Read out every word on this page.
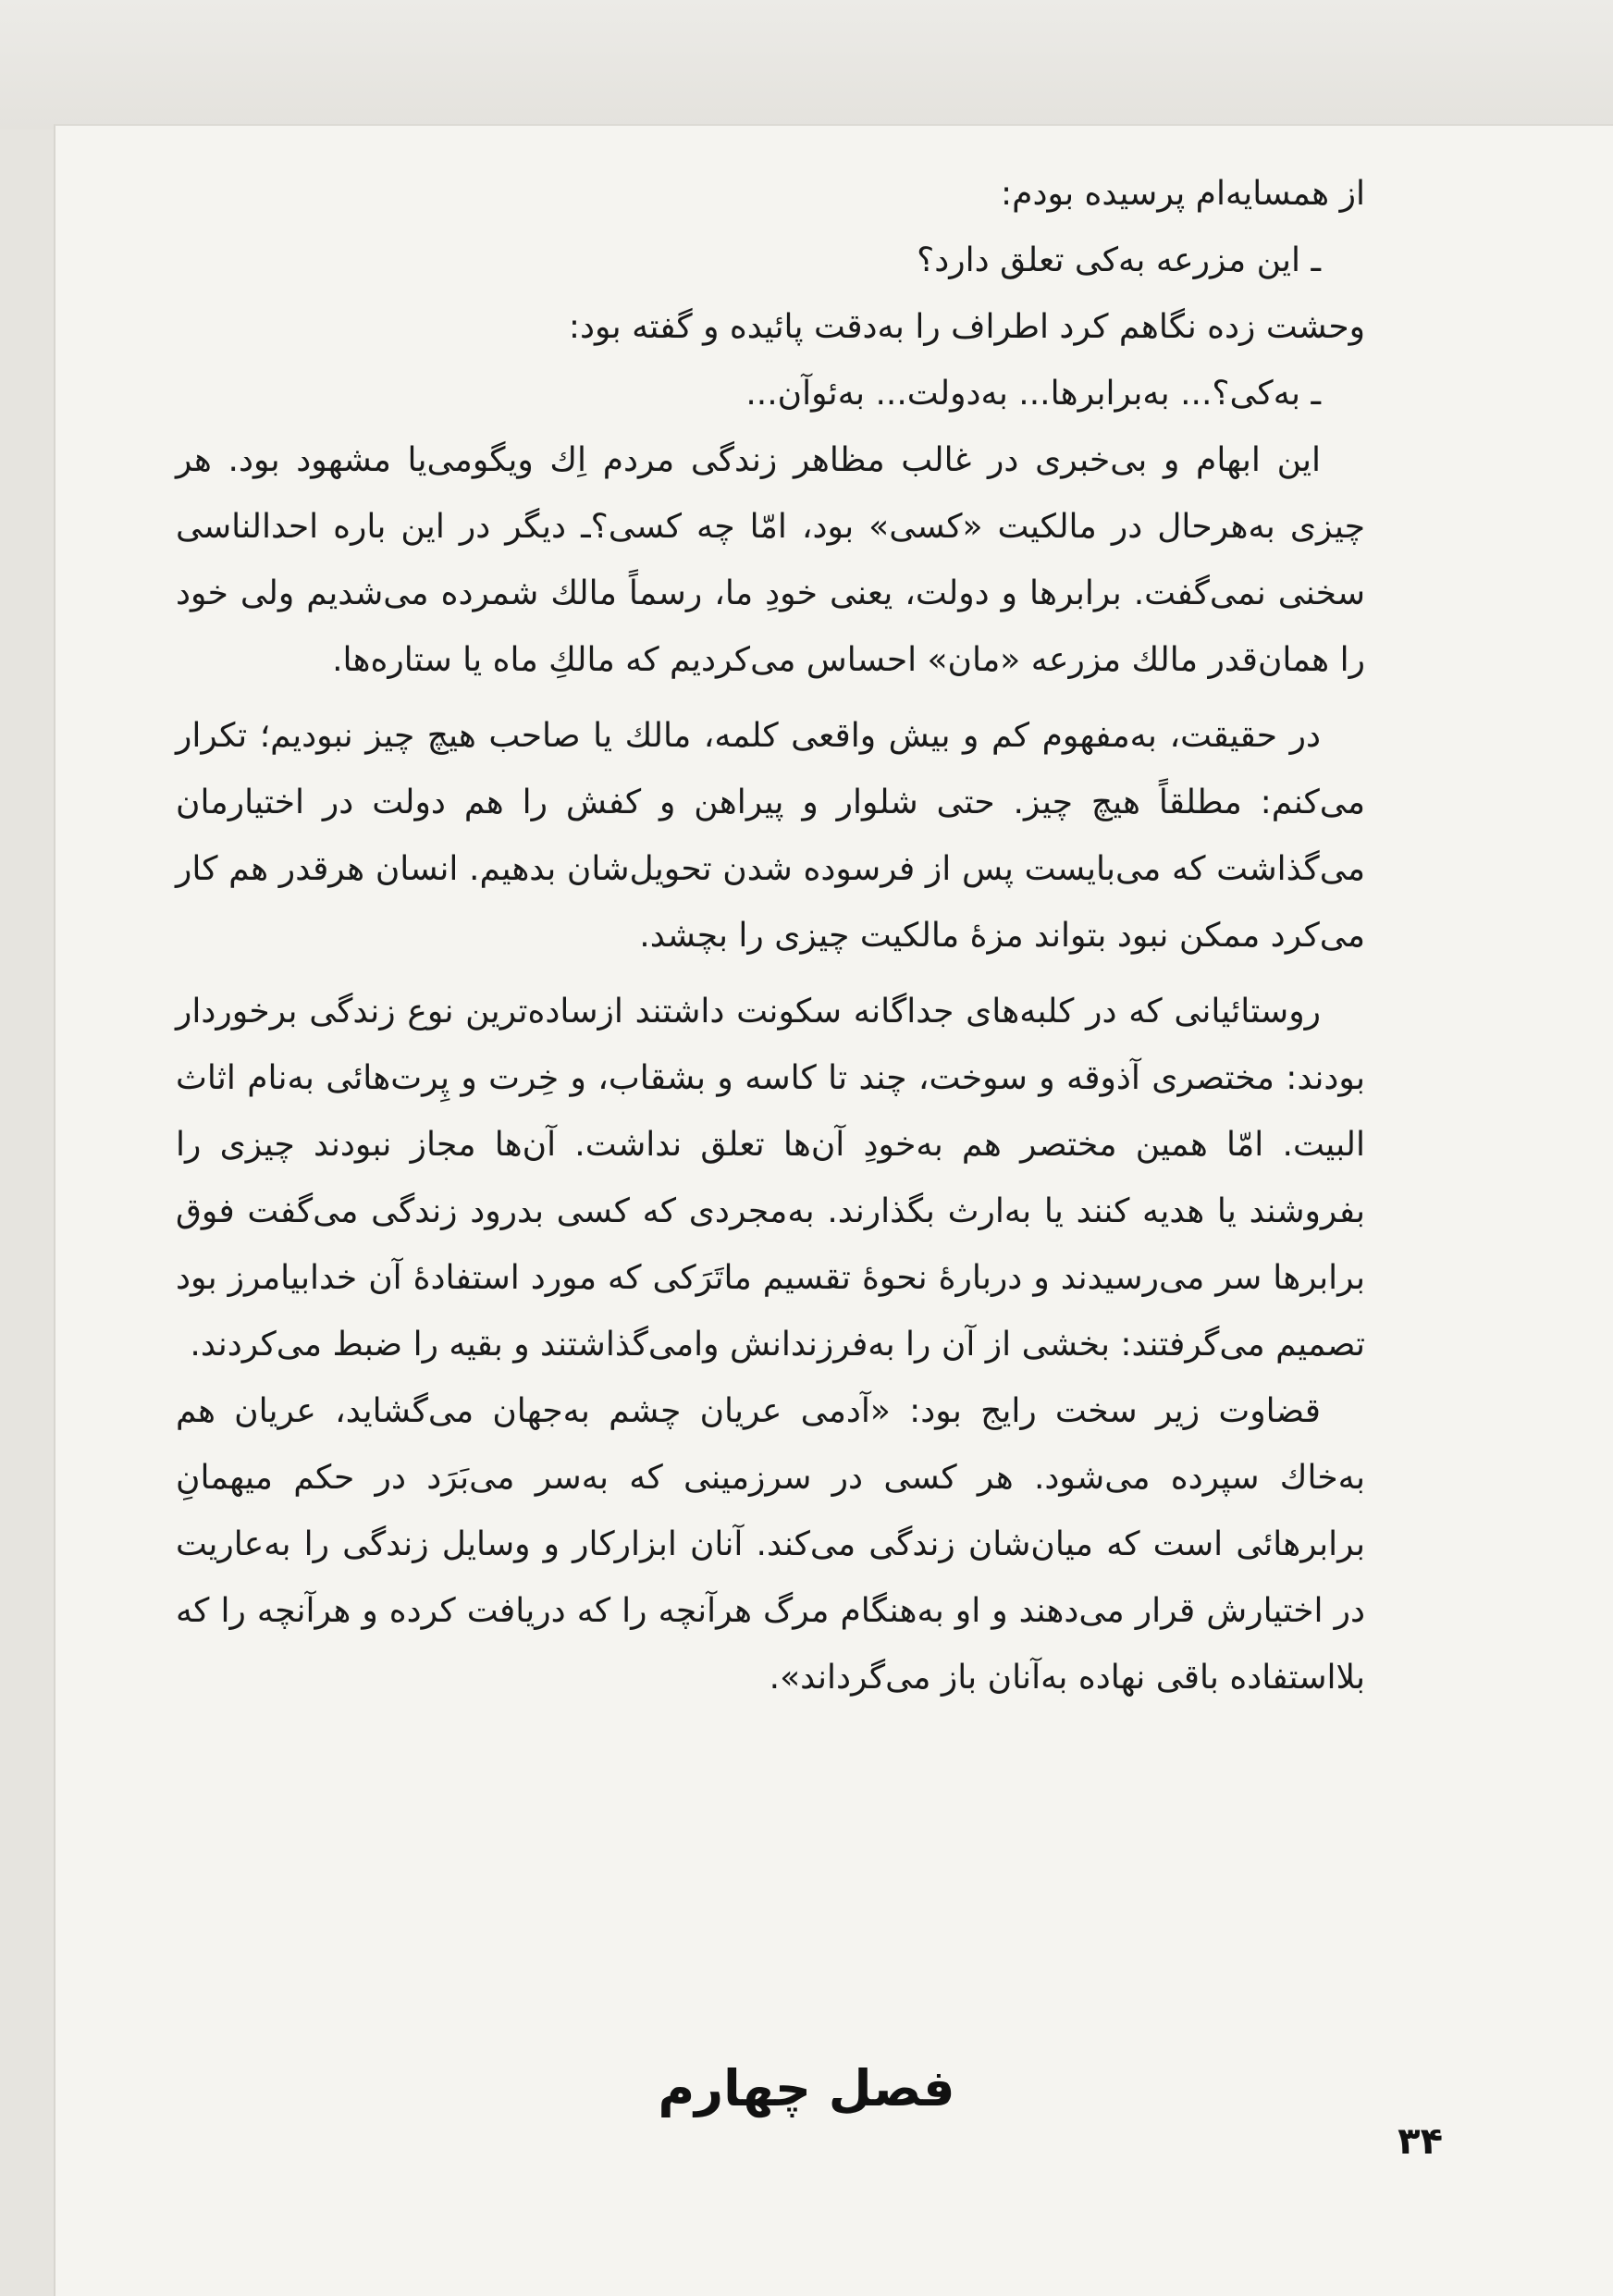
از همسایه‌ام پرسیده بودم:

ـ این مزرعه به‌کی تعلق دارد؟

وحشت زده نگاهم کرد اطراف را به‌دقت پائیده و گفته بود:

ـ به‌کی؟... به‌برابرها... به‌دولت... به‌ئوآن...

این ابهام و بی‌خبری در غالب مظاهر زندگی مردم اِك ویگومی‌یا مشهود بود. هر چیزی به‌هرحال در مالکیت «کسی» بود، امّا چه کسی؟ـ دیگر در این باره احدالناسی سخنی نمی‌گفت. برابرها و دولت، یعنی خودِ ما، رسماً مالك شمرده می‌شدیم ولی خود را همان‌قدر مالك مزرعه «مان» احساس می‌کردیم که مالكِ ماه یا ستاره‌ها.

در حقیقت، به‌مفهوم کم و بیش واقعی کلمه، مالك یا صاحب هیچ چیز نبودیم؛ تکرار می‌کنم: مطلقاً هیچ چیز. حتی شلوار و پیراهن و کفش را هم دولت در اختیارمان می‌گذاشت که می‌بایست پس از فرسوده شدن تحویل‌شان بدهیم. انسان هرقدر هم کار می‌کرد ممکن نبود بتواند مزهٔ مالکیت چیزی را بچشد.

روستائیانی که در کلبه‌های جداگانه سکونت داشتند ازساده‌ترین نوع زندگی برخوردار بودند: مختصری آذوقه و سوخت، چند تا کاسه و بشقاب، و خِرت و پِرت‌هائی به‌نام اثاث البیت. امّا همین مختصر هم به‌خودِ آن‌ها تعلق نداشت. آن‌ها مجاز نبودند چیزی را بفروشند یا هدیه کنند یا به‌ارث بگذارند. به‌مجردی که کسی بدرود زندگی می‌گفت فوق برابرها سر می‌رسیدند و دربارهٔ نحوهٔ تقسیم ماتَرَکی که مورد استفادهٔ آن خدابیامرز بود تصمیم می‌گرفتند: بخشی از آن را به‌فرزندانش وامی‌گذاشتند و بقیه را ضبط می‌کردند.

قضاوت زیر سخت رایج بود: «آدمی عریان چشم به‌جهان می‌گشاید، عریان هم به‌خاك سپرده می‌شود. هر کسی در سرزمینی که به‌سر می‌بَرَد در حکم میهمانِ برابرهائی است که میان‌شان زندگی می‌کند. آنان ابزارکار و وسایل زندگی را به‌عاریت در اختیارش قرار می‌دهند و او به‌هنگام مرگ هرآنچه را که دریافت کرده و هرآنچه را که بلااستفاده باقی نهاده به‌آنان باز می‌گرداند».

فصل چهارم
۳۴
